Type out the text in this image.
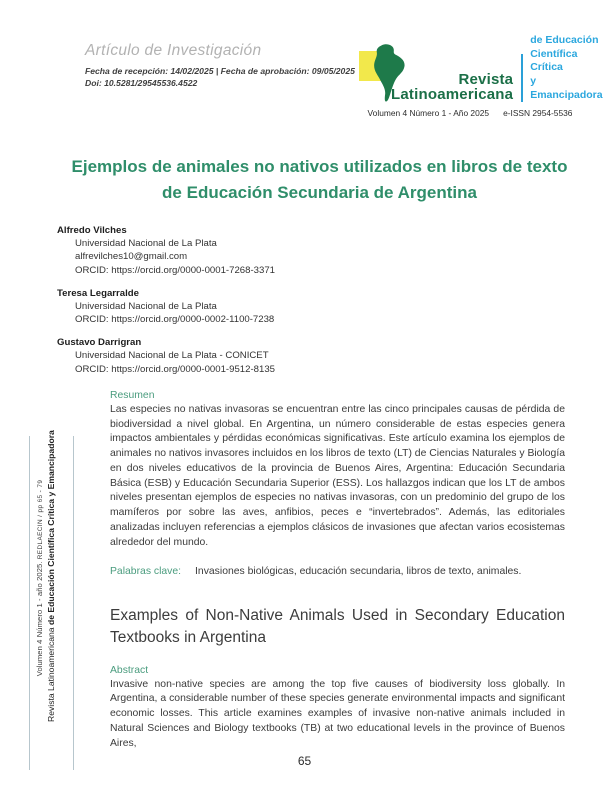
Volumen 4 Número 1 - año 2025. REDLAECIN / pp 65 - 79
Revista Latinoamericana de Educación Científica Crítica y Emancipadora
Artículo de Investigación
Fecha de recepción: 14/02/2025 | Fecha de aprobación: 09/05/2025
Doi: 10.5281/29545536.4522	Revista
Latinoamericana
de Educación
Científica Crítica
y Emancipadora
Volumen 4 Número 1 - Año 2025 e-ISSN 2954-5536
Ejemplos de animales no nativos utilizados en libros de texto de Educación Secundaria de Argentina
Alfredo Vilches
Universidad Nacional de La Plata
alfrevilches10@gmail.com
ORCID: https://orcid.org/0000-0001-7268-3371
Teresa Legarralde
Universidad Nacional de La Plata
ORCID: https://orcid.org/0000-0002-1100-7238
Gustavo Darrigran
Universidad Nacional de La Plata - CONICET
ORCID: https://orcid.org/0000-0001-9512-8135
Resumen

Las especies no nativas invasoras se encuentran entre las cinco principales causas de pérdida de biodiversidad a nivel global. En Argentina, un número considerable de estas especies genera impactos ambientales y pérdidas económicas significativas. Este artículo examina los ejemplos de animales no nativos invasores incluidos en los libros de texto (LT) de Ciencias Naturales y Biología en dos niveles educativos de la provincia de Buenos Aires, Argentina: Educación Secundaria Básica (ESB) y Educación Secundaria Superior (ESS). Los hallazgos indican que los LT de ambos niveles presentan ejemplos de especies no nativas invasoras, con un predominio del grupo de los mamíferos por sobre las aves, anfibios, peces e “invertebrados”. Además, las editoriales analizadas incluyen referencias a ejemplos clásicos de invasiones que afectan varios ecosistemas alrededor del mundo.

Palabras clave: Invasiones biológicas, educación secundaria, libros de texto, animales.

Examples of Non-Native Animals Used in Secondary Education Textbooks in Argentina
Abstract

Invasive non-native species are among the top five causes of biodiversity loss globally. In Argentina, a considerable number of these species generate environmental impacts and significant economic losses. This article examines examples of invasive non-native animals included in Natural Sciences and Biology textbooks (TB) at two educational levels in the province of Buenos Aires,

65
